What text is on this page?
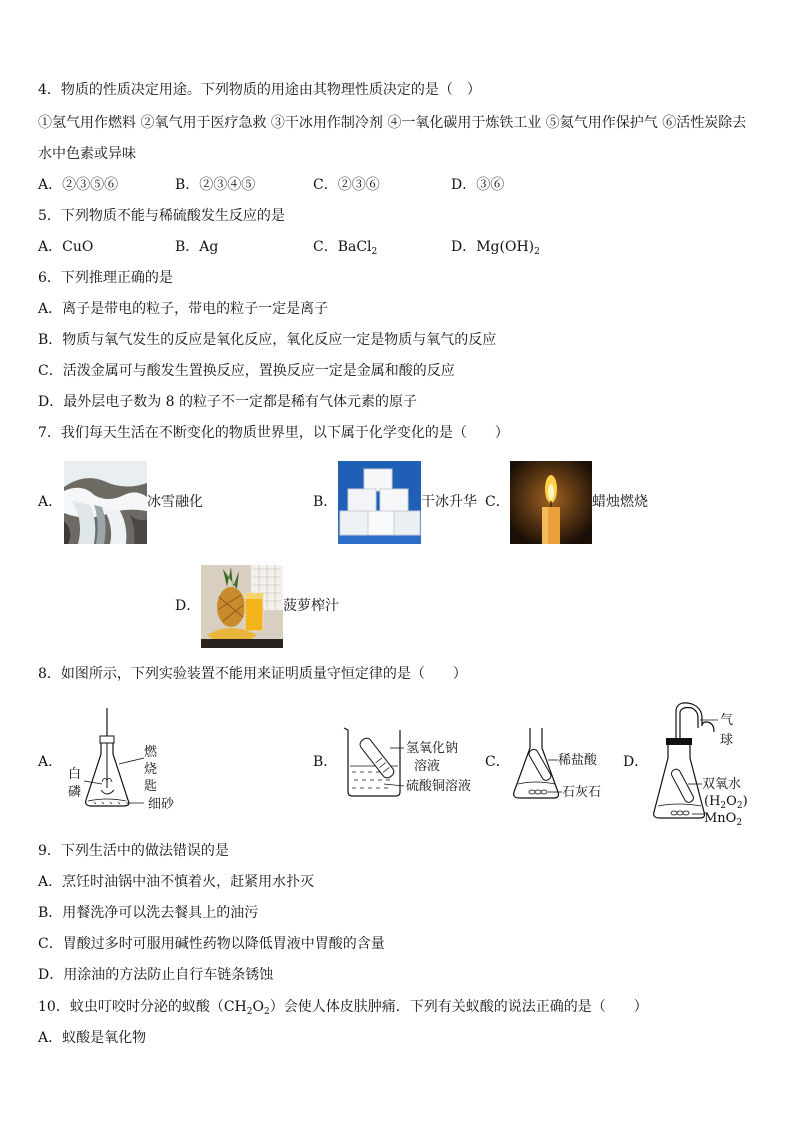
4．物质的性质决定用途。下列物质的用途由其物理性质决定的是（　）
①氢气用作燃料 ②氧气用于医疗急救 ③干冰用作制冷剂 ④一氧化碳用于炼铁工业 ⑤氦气用作保护气 ⑥活性炭除去
水中色素或异味
A．②③⑤⑥	B．②③④⑤	C．②③⑥	D．③⑥
5．下列物质不能与稀硫酸发生反应的是
A．CuO	B．Ag	C．BaCl$_2$	D．$Mg(OH)_2$
6．下列推理正确的是
A．离子是带电的粒子，带电的粒子一定是离子
B．物质与氧气发生的反应是氧化反应，氧化反应一定是物质与氧气的反应
C．活泼金属可与酸发生置换反应，置换反应一定是金属和酸的反应
D．最外层电子数为 8 的粒子不一定都是稀有气体元素的原子
7．我们每天生活在不断变化的物质世界里，以下属于化学变化的是（　　）
A．	冰雪融化	B．	干冰升华 C．	蜡烛燃烧
D．	菠萝榨汁
8．如图所示，下列实验装置不能用来证明质量守恒定律的是（　　）
A．
燃
烧
匙
白
磷
细砂
B．
氢氧化钠
溶液
硫酸铜溶液
C．	稀盐酸
石灰石
D．
气
球
双氧水
$(H_2O_2)$
MnO$_2$
9．下列生活中的做法错误的是
A．烹饪时油锅中油不慎着火，赶紧用水扑灭
B．用餐洗净可以洗去餐具上的油污
C．胃酸过多时可服用碱性药物以降低胃液中胃酸的含量
D．用涂油的方法防止自行车链条锈蚀
10．蚊虫叮咬时分泌的蚁酸$(CH_2O_2)$会使人体皮肤肿痛．下列有关蚁酸的说法正确的是（　　）
A．蚁酸是氧化物
